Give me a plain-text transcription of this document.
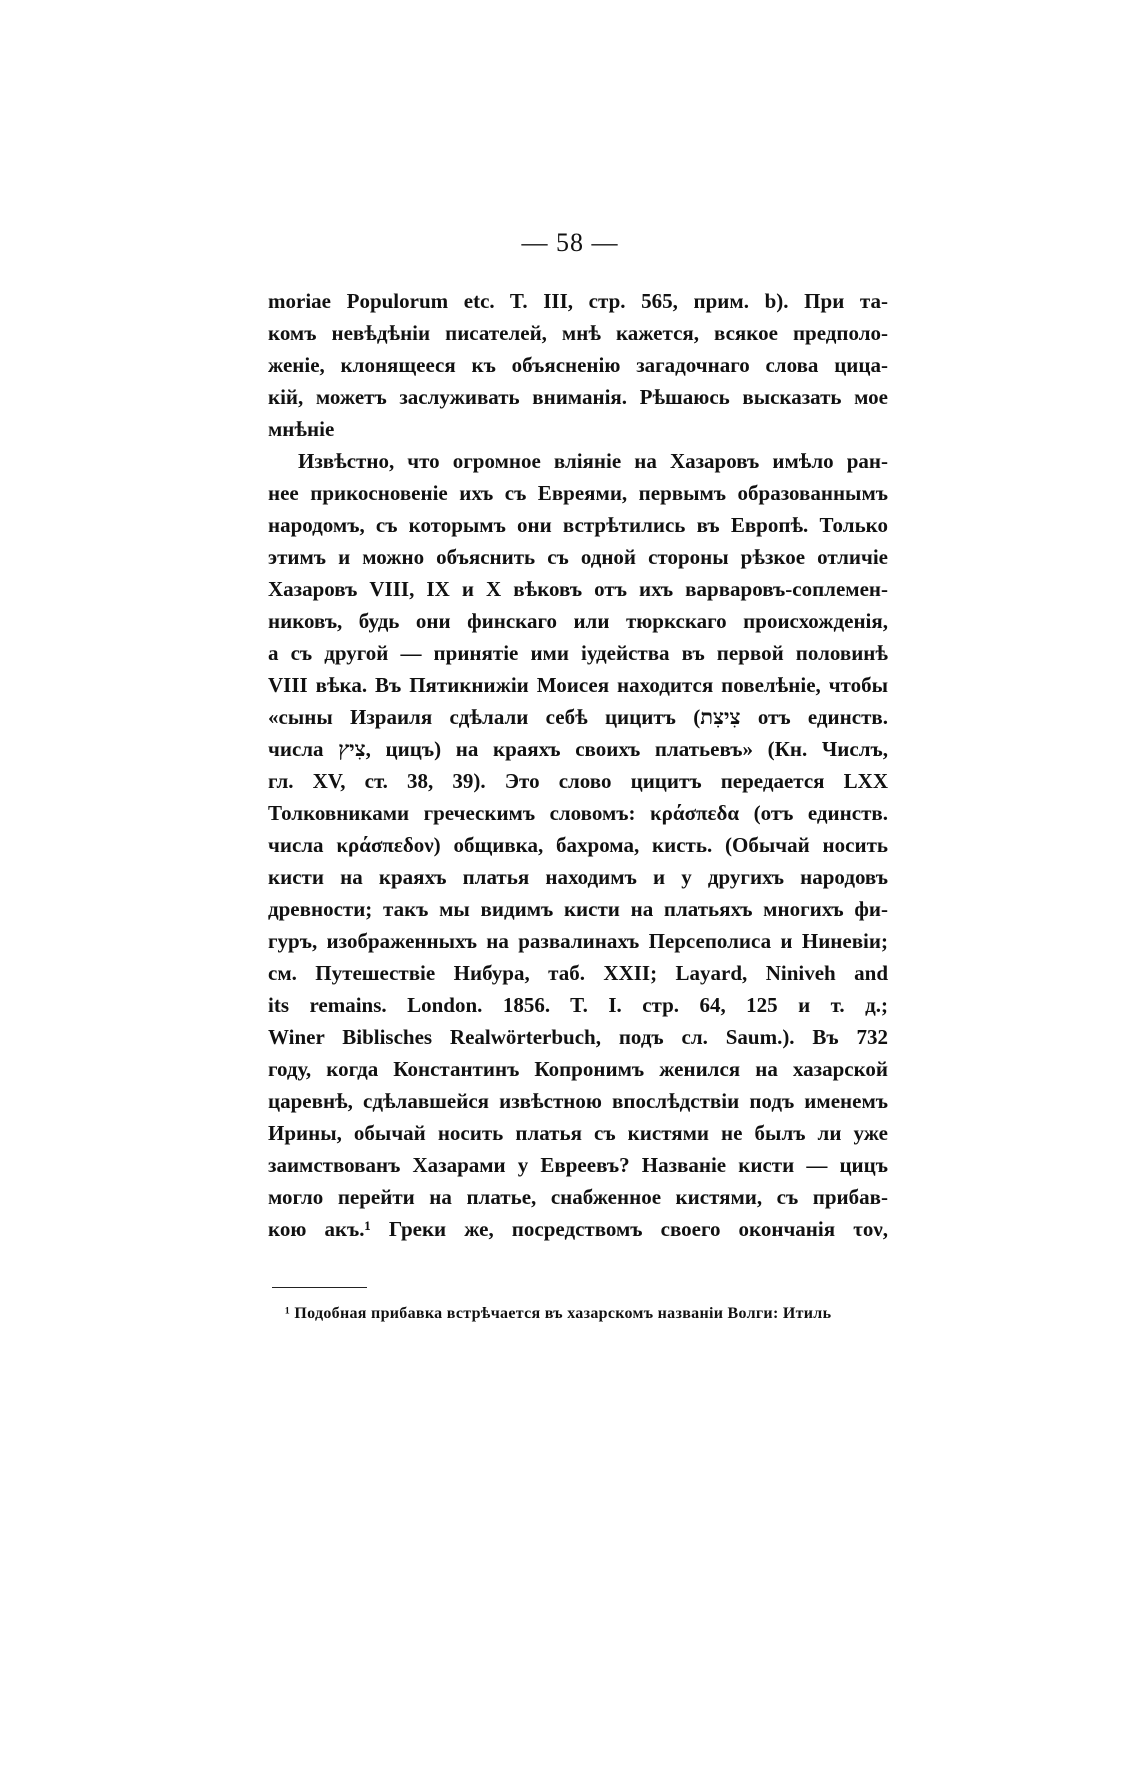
— 58 —
moriae Populorum etc. T. III, стр. 565, прим. b). При та-
комъ невѣдѣніи писателей, мнѣ кажется, всякое предполо-
женіе, клонящееся къ объясненію загадочнаго слова цица-
кій, можетъ заслуживать вниманія. Рѣшаюсь высказать мое
мнѣніе
Извѣстно, что огромное вліяніе на Хазаровъ имѣло ран-
нее прикосновеніе ихъ съ Евреями, первымъ образованнымъ
народомъ, съ которымъ они встрѣтились въ Европѣ. Только
этимъ и можно объяснить съ одной стороны рѣзкое отличіе
Хазаровъ VIII, IX и X вѣковъ отъ ихъ варваровъ-соплемен-
никовъ, будь они финскаго или тюркскаго происхожденія,
а съ другой — принятіе ими іудейства въ первой половинѣ
VIII вѣка. Въ Пятикнижіи Моисея находится повелѣніе, чтобы
«сыны Израиля сдѣлали себѣ цицитъ (צִיצִת отъ единств.
числа צִיץ, цицъ) на краяхъ своихъ платьевъ» (Кн. Числъ,
гл. XV, ст. 38, 39). Это слово цицитъ передается LXX
Толковниками греческимъ словомъ: κράσπεδα (отъ единств.
числа κράσπεδον) общивка, бахрома, кисть. (Обычай носить
кисти на краяхъ платья находимъ и у другихъ народовъ
древности; такъ мы видимъ кисти на платьяхъ многихъ фи-
гуръ, изображенныхъ на развалинахъ Персеполиса и Ниневіи;
см. Путешествіе Нибура, таб. XXII; Layard, Niniveh and
its remains. London. 1856. T. I. стр. 64, 125 и т. д.;
Winer Biblisches Realwörterbuch, подъ сл. Saum.). Въ 732
году, когда Константинъ Копронимъ женился на хазарской
царевнѣ, сдѣлавшейся извѣстною впослѣдствіи подъ именемъ
Ирины, обычай носить платья съ кистями не былъ ли уже
заимствованъ Хазарами у Евреевъ? Названіе кисти — цицъ
могло перейти на платье, снабженное кистями, съ прибав-
кою акъ.¹ Греки же, посредствомъ своего окончанія τον,
¹ Подобная прибавка встрѣчается въ хазарскомъ названіи Волги: Итиль
